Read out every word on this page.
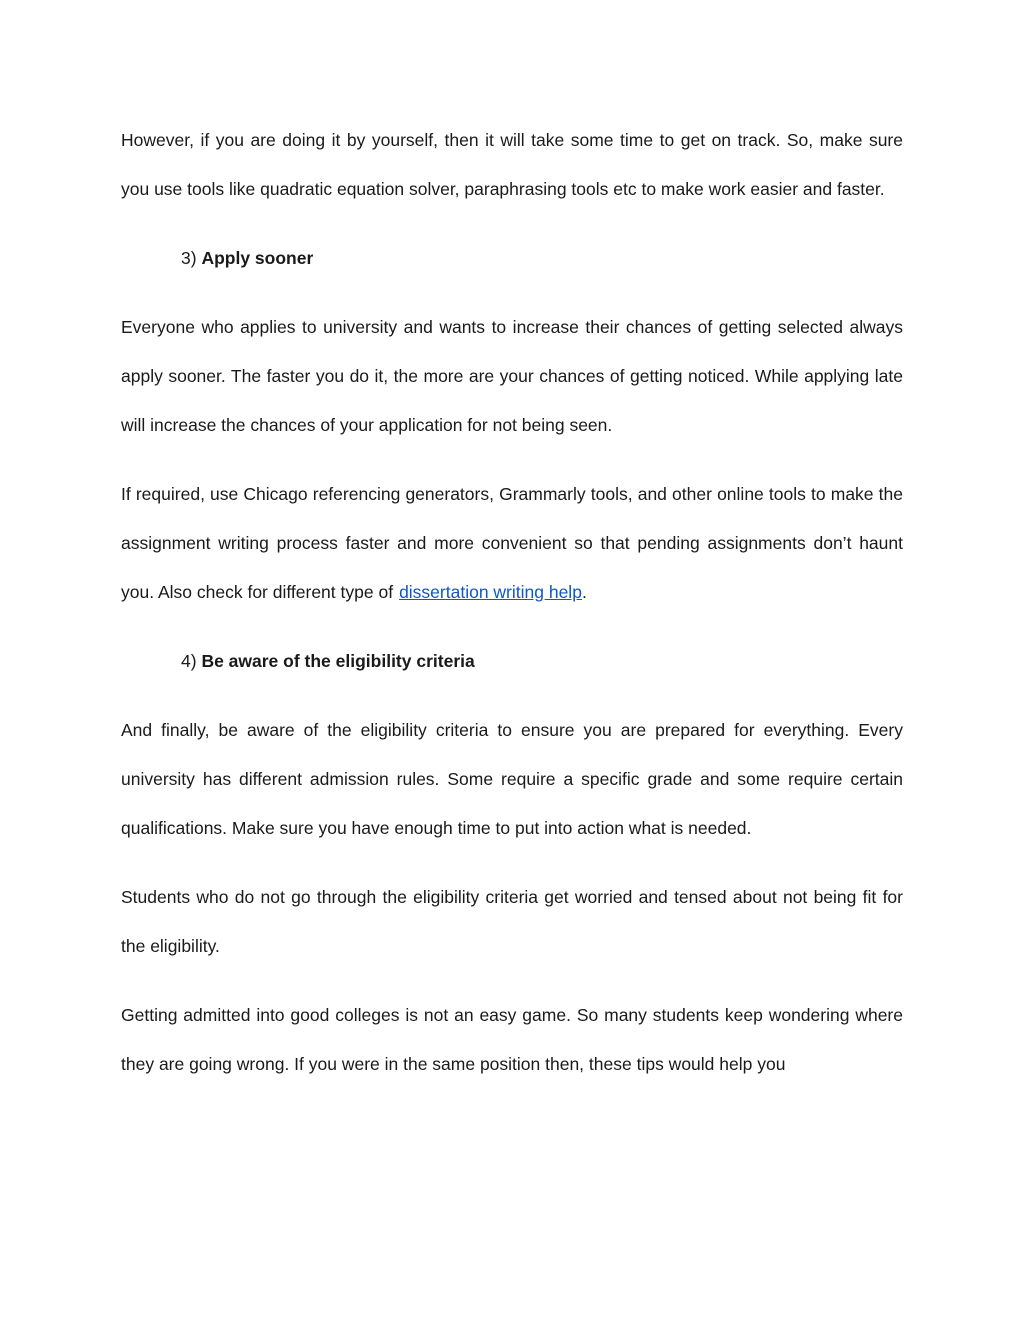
However, if you are doing it by yourself, then it will take some time to get on track. So, make sure you use tools like quadratic equation solver, paraphrasing tools etc to make work easier and faster.

3) Apply sooner

Everyone who applies to university and wants to increase their chances of getting selected always apply sooner. The faster you do it, the more are your chances of getting noticed. While applying late will increase the chances of your application for not being seen.

If required, use Chicago referencing generators, Grammarly tools, and other online tools to make the assignment writing process faster and more convenient so that pending assignments don’t haunt you. Also check for different type of dissertation writing help.

4) Be aware of the eligibility criteria

And finally, be aware of the eligibility criteria to ensure you are prepared for everything. Every university has different admission rules. Some require a specific grade and some require certain qualifications. Make sure you have enough time to put into action what is needed.

Students who do not go through the eligibility criteria get worried and tensed about not being fit for the eligibility.

Getting admitted into good colleges is not an easy game. So many students keep wondering where they are going wrong. If you were in the same position then, these tips would help you
